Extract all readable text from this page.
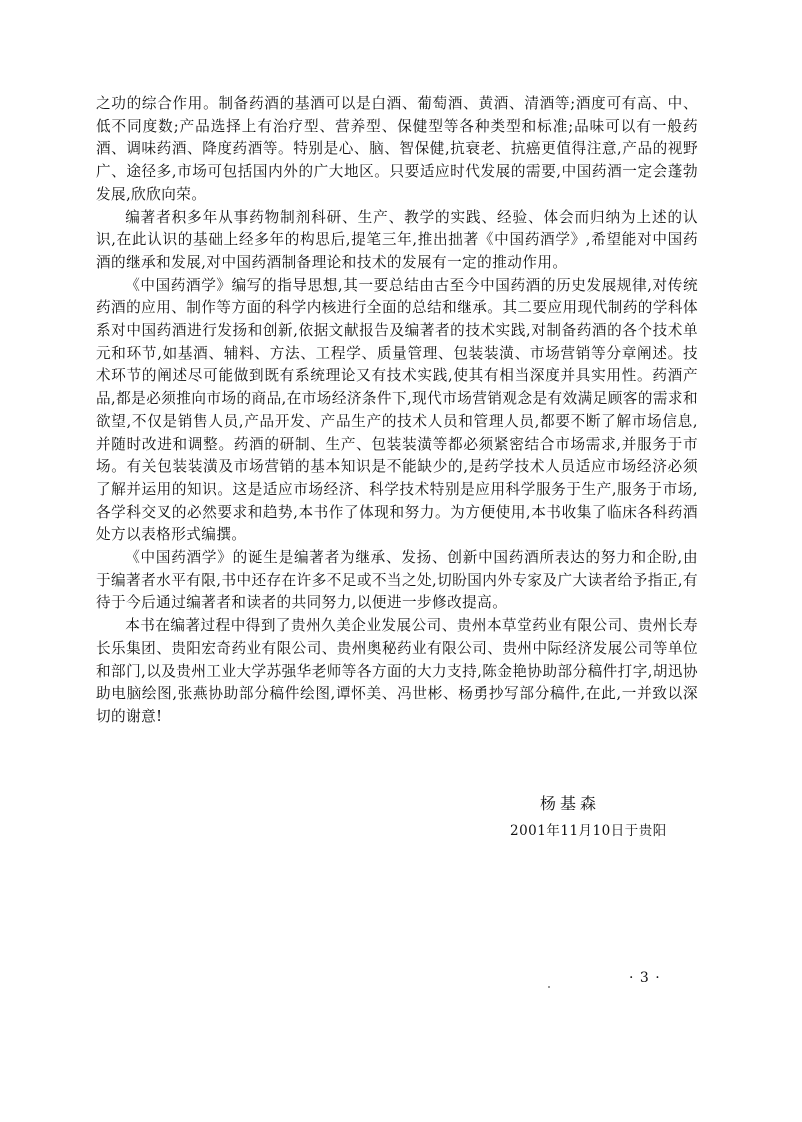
之功的综合作用。制备药酒的基酒可以是白酒、葡萄酒、黄酒、清酒等;酒度可有高、中、低不同度数;产品选择上有治疗型、营养型、保健型等各种类型和标准;品味可以有一般药酒、调味药酒、降度药酒等。特别是心、脑、智保健,抗衰老、抗癌更值得注意,产品的视野广、途径多,市场可包括国内外的广大地区。只要适应时代发展的需要,中国药酒一定会蓬勃发展,欣欣向荣。

编著者积多年从事药物制剂科研、生产、教学的实践、经验、体会而归纳为上述的认识,在此认识的基础上经多年的构思后,提笔三年,推出拙著《中国药酒学》,希望能对中国药酒的继承和发展,对中国药酒制备理论和技术的发展有一定的推动作用。

《中国药酒学》编写的指导思想,其一要总结由古至今中国药酒的历史发展规律,对传统药酒的应用、制作等方面的科学内核进行全面的总结和继承。其二要应用现代制药的学科体系对中国药酒进行发扬和创新,依据文献报告及编著者的技术实践,对制备药酒的各个技术单元和环节,如基酒、辅料、方法、工程学、质量管理、包装装潢、市场营销等分章阐述。技术环节的阐述尽可能做到既有系统理论又有技术实践,使其有相当深度并具实用性。药酒产品,都是必须推向市场的商品,在市场经济条件下,现代市场营销观念是有效满足顾客的需求和欲望,不仅是销售人员,产品开发、产品生产的技术人员和管理人员,都要不断了解市场信息,并随时改进和调整。药酒的研制、生产、包装装潢等都必须紧密结合市场需求,并服务于市场。有关包装装潢及市场营销的基本知识是不能缺少的,是药学技术人员适应市场经济必须了解并运用的知识。这是适应市场经济、科学技术特别是应用科学服务于生产,服务于市场,各学科交叉的必然要求和趋势,本书作了体现和努力。为方便使用,本书收集了临床各科药酒处方以表格形式编撰。

《中国药酒学》的诞生是编著者为继承、发扬、创新中国药酒所表达的努力和企盼,由于编著者水平有限,书中还存在许多不足或不当之处,切盼国内外专家及广大读者给予指正,有待于今后通过编著者和读者的共同努力,以便进一步修改提高。

本书在编著过程中得到了贵州久美企业发展公司、贵州本草堂药业有限公司、贵州长寿长乐集团、贵阳宏奇药业有限公司、贵州奥秘药业有限公司、贵州中际经济发展公司等单位和部门,以及贵州工业大学苏强华老师等各方面的大力支持,陈金艳协助部分稿件打字,胡迅协助电脑绘图,张燕协助部分稿件绘图,谭怀美、冯世彬、杨勇抄写部分稿件,在此,一并致以深切的谢意!

杨基森

2001年11月10日于贵阳

· 3 ·
